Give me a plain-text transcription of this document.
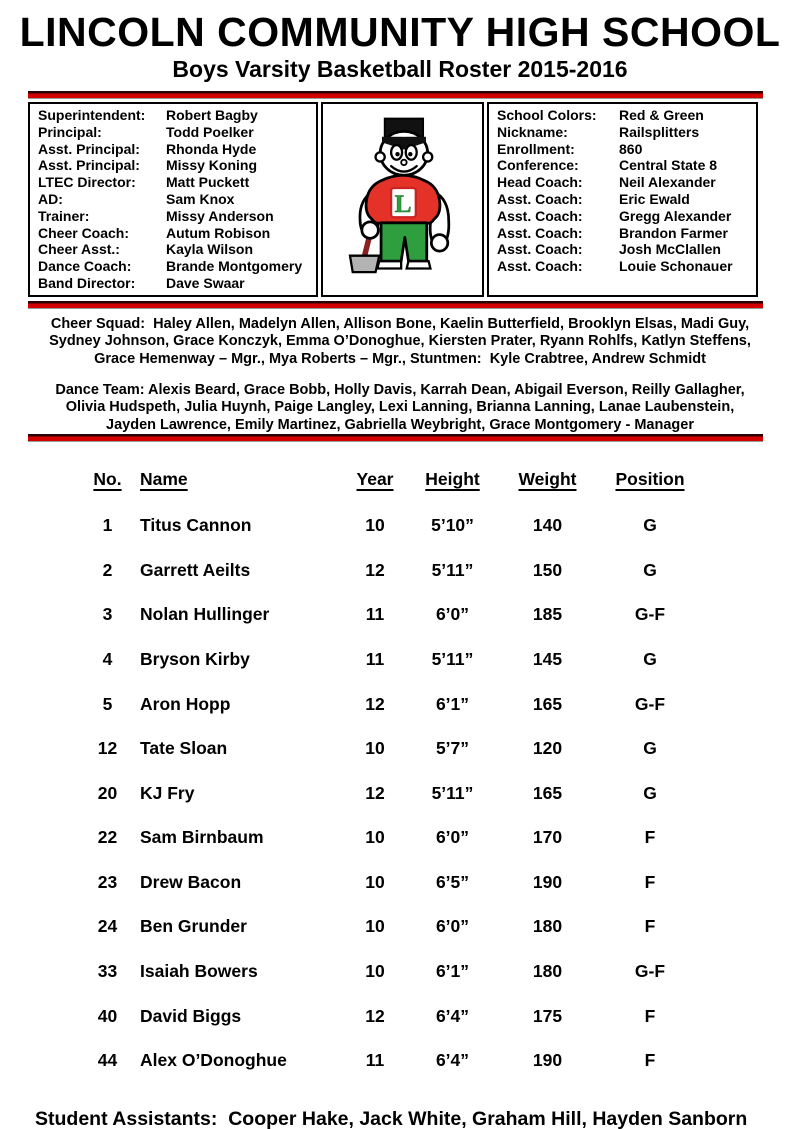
LINCOLN COMMUNITY HIGH SCHOOL
Boys Varsity Basketball Roster 2015-2016
Superintendent:	Robert Bagby
Principal:	Todd Poelker
Asst. Principal:	Rhonda Hyde
Asst. Principal:	Missy Koning
LTEC Director:	Matt Puckett
AD:	Sam Knox
Trainer:	Missy Anderson
Cheer Coach:	Autum Robison
Cheer Asst.:	Kayla Wilson
Dance Coach:	Brande Montgomery
Band Director:	Dave Swaar
L
School Colors:	Red & Green
Nickname:	Railsplitters
Enrollment:	860
Conference:	Central State 8
Head Coach:	Neil Alexander
Asst. Coach:	Eric Ewald
Asst. Coach:	Gregg Alexander
Asst. Coach:	Brandon Farmer
Asst. Coach:	Josh McClallen
Asst. Coach:	Louie Schonauer
Cheer Squad:  Haley Allen, Madelyn Allen, Allison Bone, Kaelin Butterfield, Brooklyn Elsas, Madi Guy,
Sydney Johnson, Grace Konczyk, Emma O’Donoghue, Kiersten Prater, Ryann Rohlfs, Katlyn Steffens,
Grace Hemenway – Mgr., Mya Roberts – Mgr., Stuntmen:  Kyle Crabtree, Andrew Schmidt
Dance Team: Alexis Beard, Grace Bobb, Holly Davis, Karrah Dean, Abigail Everson, Reilly Gallagher,
Olivia Hudspeth, Julia Huynh, Paige Langley, Lexi Lanning, Brianna Lanning, Lanae Laubenstein,
Jayden Lawrence, Emily Martinez, Gabriella Weybright, Grace Montgomery - Manager
No.	Name	Year	Height	Weight	Position
1	Titus Cannon	10	5’10”	140	G
2	Garrett Aeilts	12	5’11”	150	G
3	Nolan Hullinger	11	6’0”	185	G-F
4	Bryson Kirby	11	5’11”	145	G
5	Aron Hopp	12	6’1”	165	G-F
12	Tate Sloan	10	5’7”	120	G
20	KJ Fry	12	5’11”	165	G
22	Sam Birnbaum	10	6’0”	170	F
23	Drew Bacon	10	6’5”	190	F
24	Ben Grunder	10	6’0”	180	F
33	Isaiah Bowers	10	6’1”	180	G-F
40	David Biggs	12	6’4”	175	F
44	Alex O’Donoghue	11	6’4”	190	F
Student Assistants:  Cooper Hake, Jack White, Graham Hill, Hayden Sanborn
